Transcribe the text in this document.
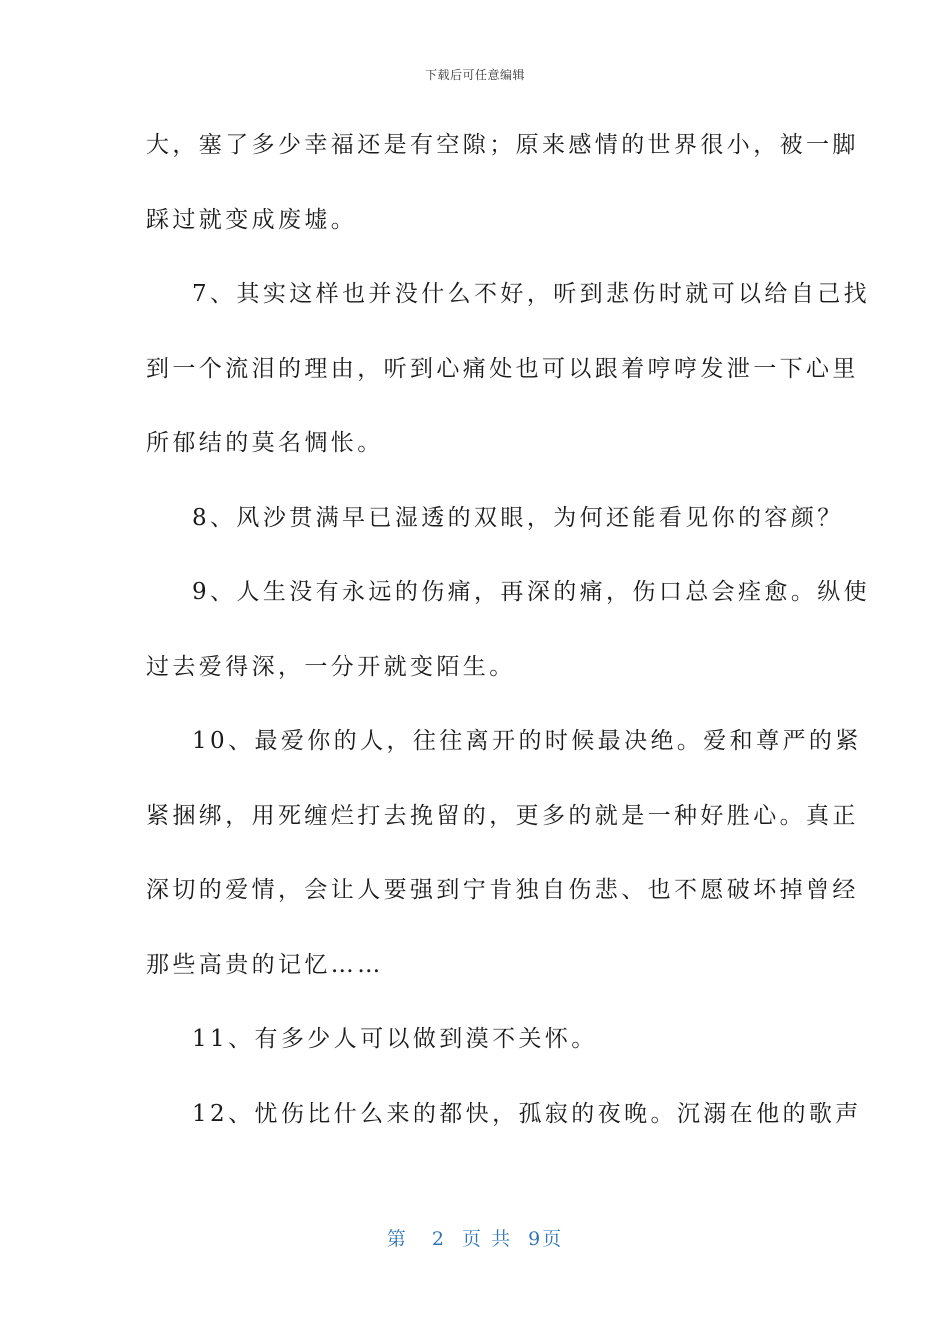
下载后可任意编辑
大，塞了多少幸福还是有空隙；原来感情的世界很小，被一脚
踩过就变成废墟。
7、其实这样也并没什么不好，听到悲伤时就可以给自己找
到一个流泪的理由，听到心痛处也可以跟着哼哼发泄一下心里
所郁结的莫名惆怅。
8、风沙贯满早已湿透的双眼，为何还能看见你的容颜？
9、人生没有永远的伤痛，再深的痛，伤口总会痊愈。纵使
过去爱得深，一分开就变陌生。
10、最爱你的人，往往离开的时候最决绝。爱和尊严的紧
紧捆绑，用死缠烂打去挽留的，更多的就是一种好胜心。真正
深切的爱情，会让人要强到宁肯独自伤悲、也不愿破坏掉曾经
那些高贵的记忆……
11、有多少人可以做到漠不关怀。
12、忧伤比什么来的都快，孤寂的夜晚。沉溺在他的歌声
第 2 页 共 9页
